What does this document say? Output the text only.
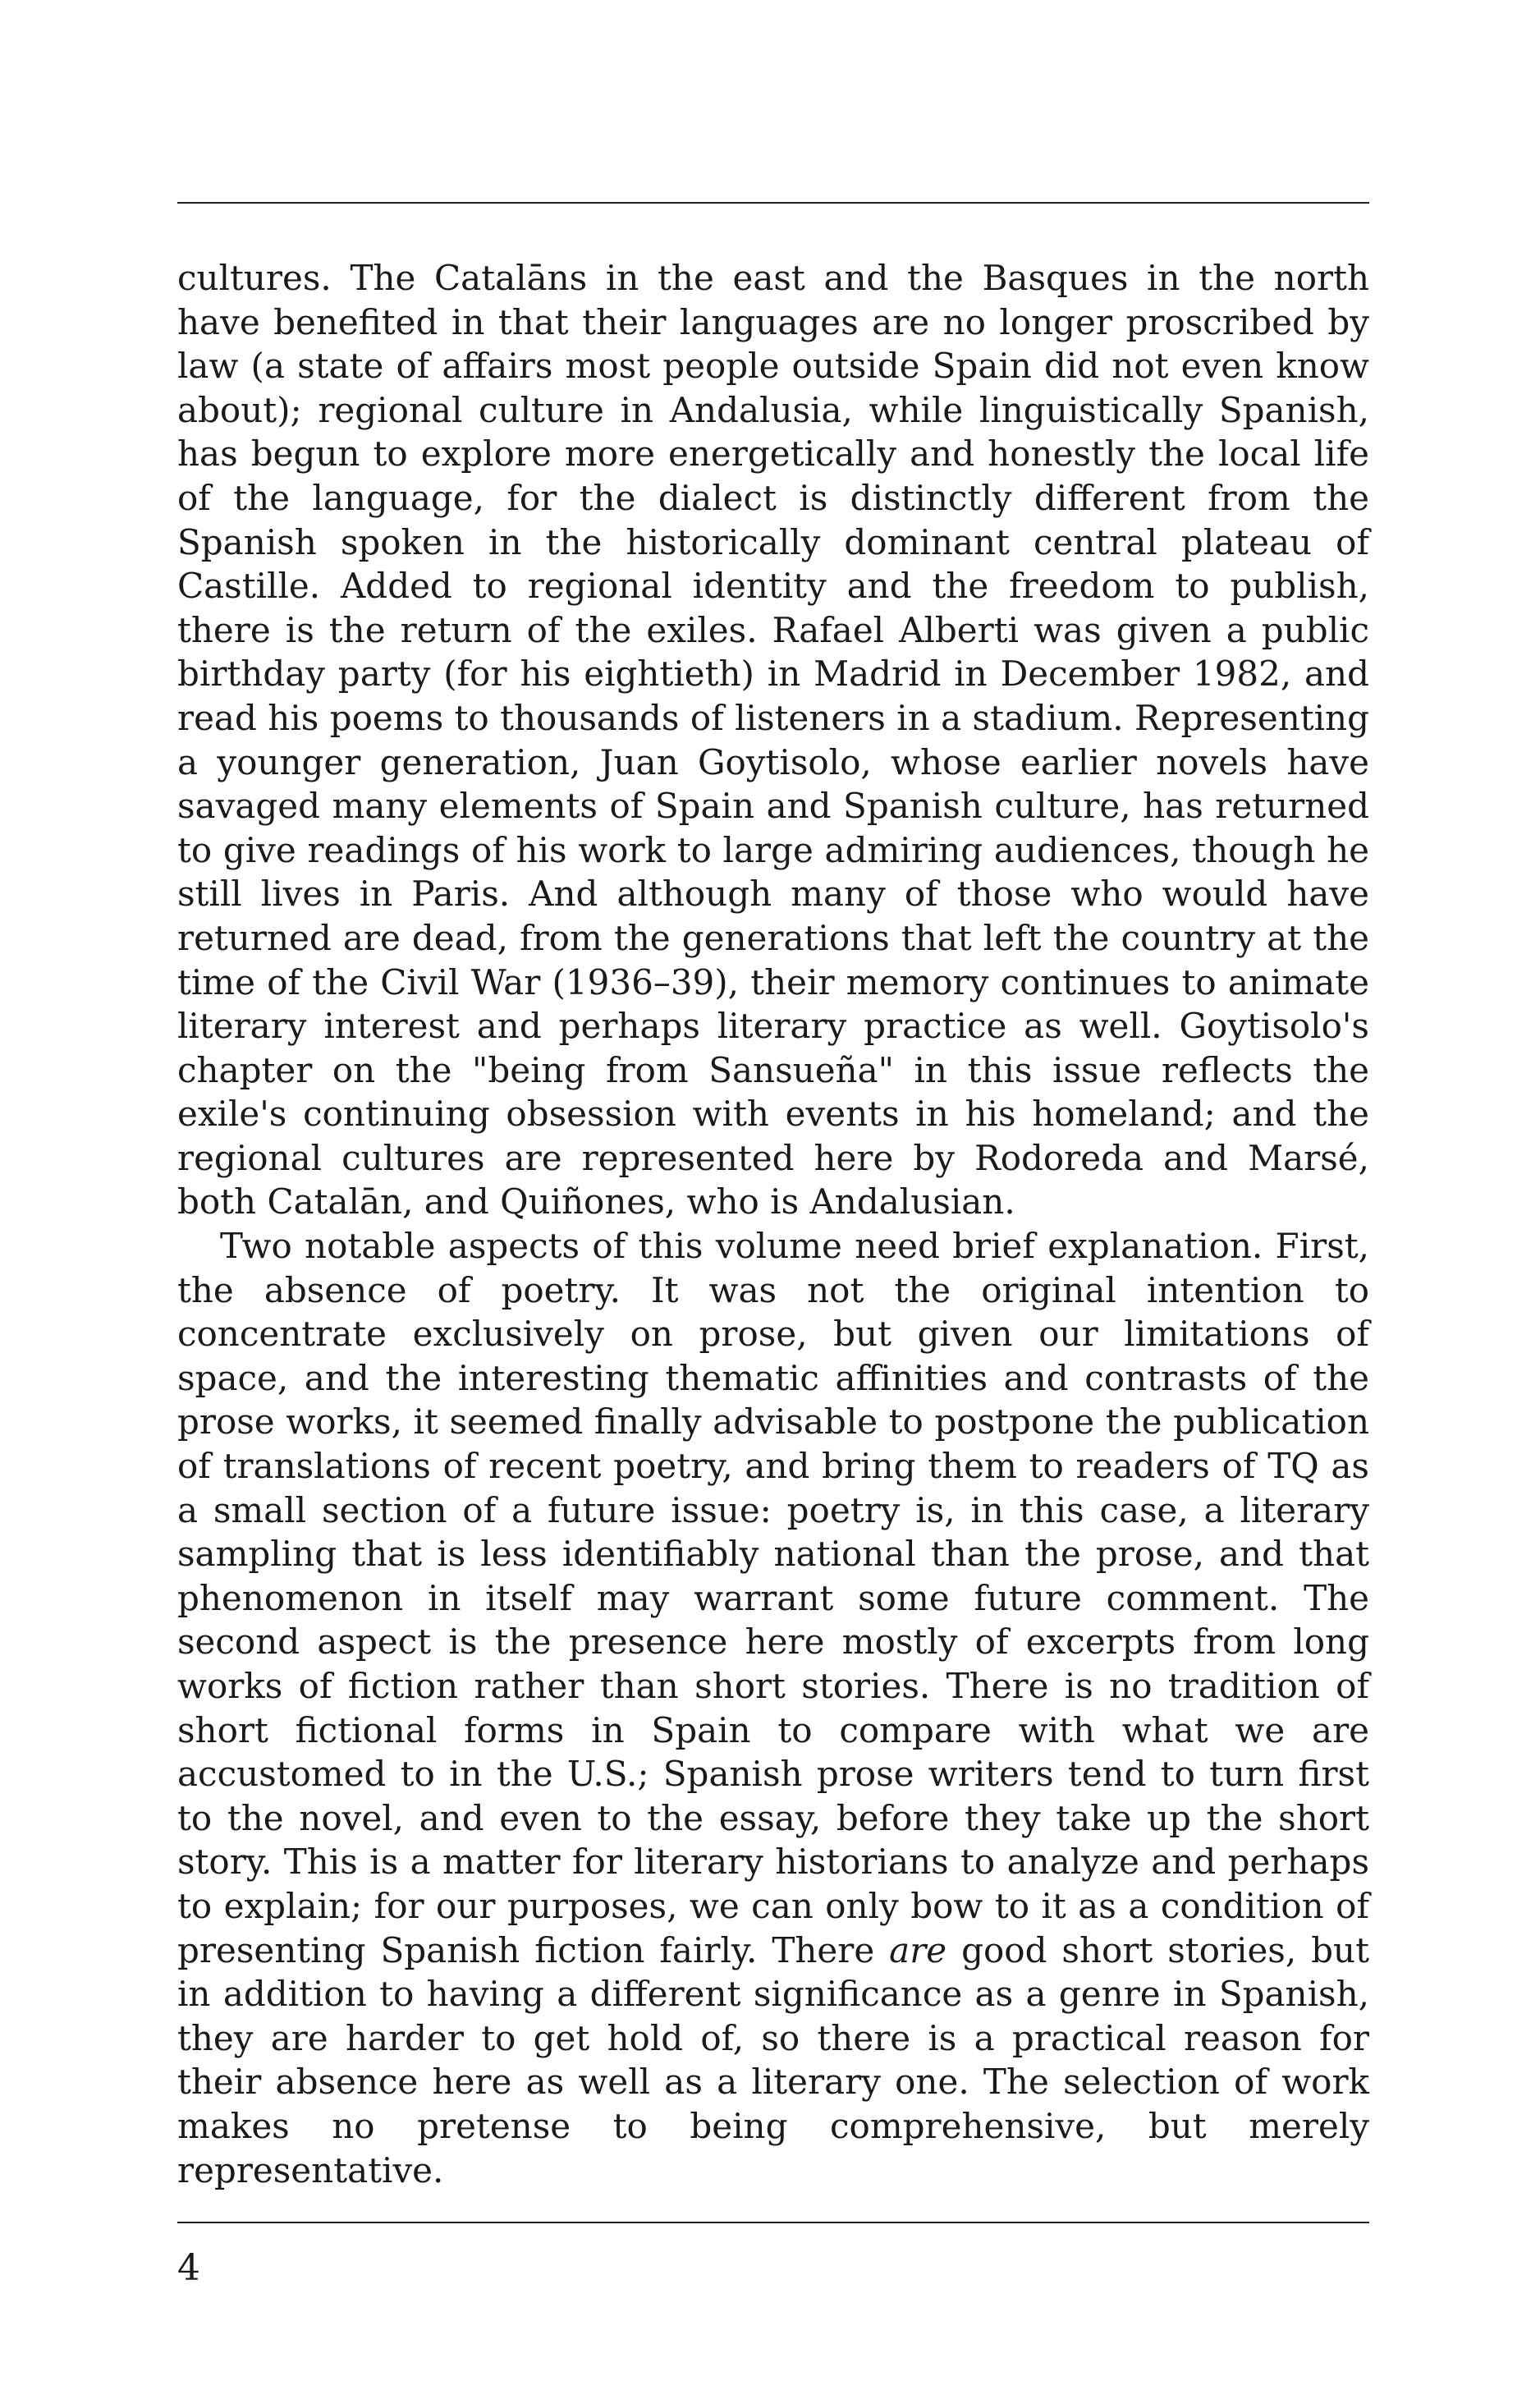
cultures. The Catalāns in the east and the Basques in the north have benefited in that their languages are no longer proscribed by law (a state of affairs most people outside Spain did not even know about); regional culture in Andalusia, while linguistically Spanish, has begun to explore more energetically and honestly the local life of the language, for the dialect is distinctly different from the Spanish spoken in the historically dominant central plateau of Castille. Added to regional identity and the freedom to publish, there is the return of the exiles. Rafael Alberti was given a public birthday party (for his eightieth) in Madrid in December 1982, and read his poems to thousands of listeners in a stadium. Representing a younger generation, Juan Goytisolo, whose earlier novels have savaged many elements of Spain and Spanish culture, has returned to give readings of his work to large admiring audiences, though he still lives in Paris. And although many of those who would have returned are dead, from the generations that left the country at the time of the Civil War (1936–39), their memory continues to animate literary interest and perhaps literary practice as well. Goytisolo's chapter on the "being from Sansueña" in this issue reflects the exile's continuing obsession with events in his homeland; and the regional cultures are represented here by Rodoreda and Marsé, both Catalān, and Quiñones, who is Andalusian.

Two notable aspects of this volume need brief explanation. First, the absence of poetry. It was not the original intention to concentrate exclusively on prose, but given our limitations of space, and the interesting thematic affinities and contrasts of the prose works, it seemed finally advisable to postpone the publication of translations of recent poetry, and bring them to readers of TQ as a small section of a future issue: poetry is, in this case, a literary sampling that is less identifiably national than the prose, and that phenomenon in itself may warrant some future comment. The second aspect is the presence here mostly of excerpts from long works of fiction rather than short stories. There is no tradition of short fictional forms in Spain to compare with what we are accustomed to in the U.S.; Spanish prose writers tend to turn first to the novel, and even to the essay, before they take up the short story. This is a matter for literary historians to analyze and perhaps to explain; for our purposes, we can only bow to it as a condition of presenting Spanish fiction fairly. There are good short stories, but in addition to having a different significance as a genre in Spanish, they are harder to get hold of, so there is a practical reason for their absence here as well as a literary one. The selection of work makes no pretense to being comprehensive, but merely representative.

4
